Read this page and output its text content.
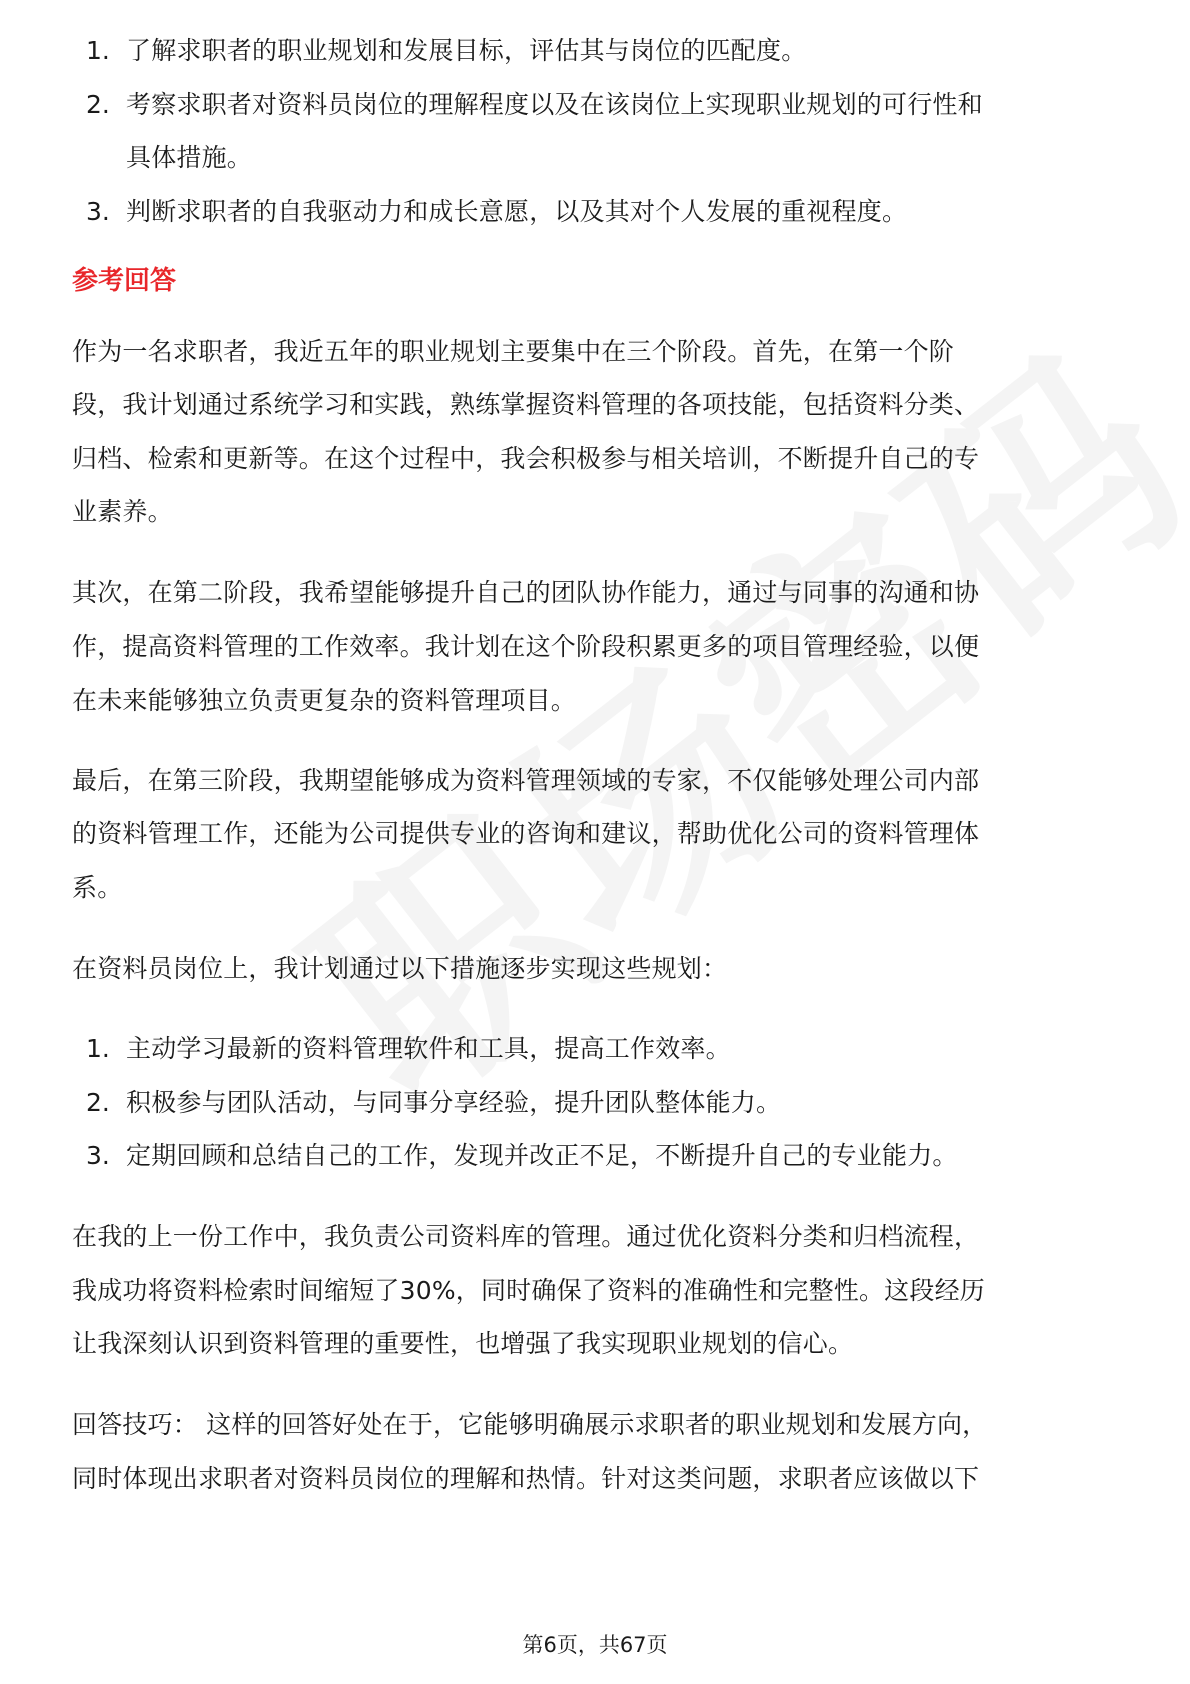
1. 了解求职者的职业规划和发展目标，评估其与岗位的匹配度。
2. 考察求职者对资料员岗位的理解程度以及在该岗位上实现职业规划的可行性和
具体措施。
3. 判断求职者的自我驱动力和成长意愿，以及其对个人发展的重视程度。
参考回答
作为一名求职者，我近五年的职业规划主要集中在三个阶段。首先，在第一个阶
段，我计划通过系统学习和实践，熟练掌握资料管理的各项技能，包括资料分类、
归档、检索和更新等。在这个过程中，我会积极参与相关培训，不断提升自己的专
业素养。
其次，在第二阶段，我希望能够提升自己的团队协作能力，通过与同事的沟通和协
作，提高资料管理的工作效率。我计划在这个阶段积累更多的项目管理经验，以便
在未来能够独立负责更复杂的资料管理项目。
最后，在第三阶段，我期望能够成为资料管理领域的专家，不仅能够处理公司内部
的资料管理工作，还能为公司提供专业的咨询和建议，帮助优化公司的资料管理体
系。
在资料员岗位上，我计划通过以下措施逐步实现这些规划：
1. 主动学习最新的资料管理软件和工具，提高工作效率。
2. 积极参与团队活动，与同事分享经验，提升团队整体能力。
3. 定期回顾和总结自己的工作，发现并改正不足，不断提升自己的专业能力。
在我的上一份工作中，我负责公司资料库的管理。通过优化资料分类和归档流程，
我成功将资料检索时间缩短了30%，同时确保了资料的准确性和完整性。这段经历
让我深刻认识到资料管理的重要性，也增强了我实现职业规划的信心。
回答技巧： 这样的回答好处在于，它能够明确展示求职者的职业规划和发展方向，
同时体现出求职者对资料员岗位的理解和热情。针对这类问题，求职者应该做以下
第6页，共67页
